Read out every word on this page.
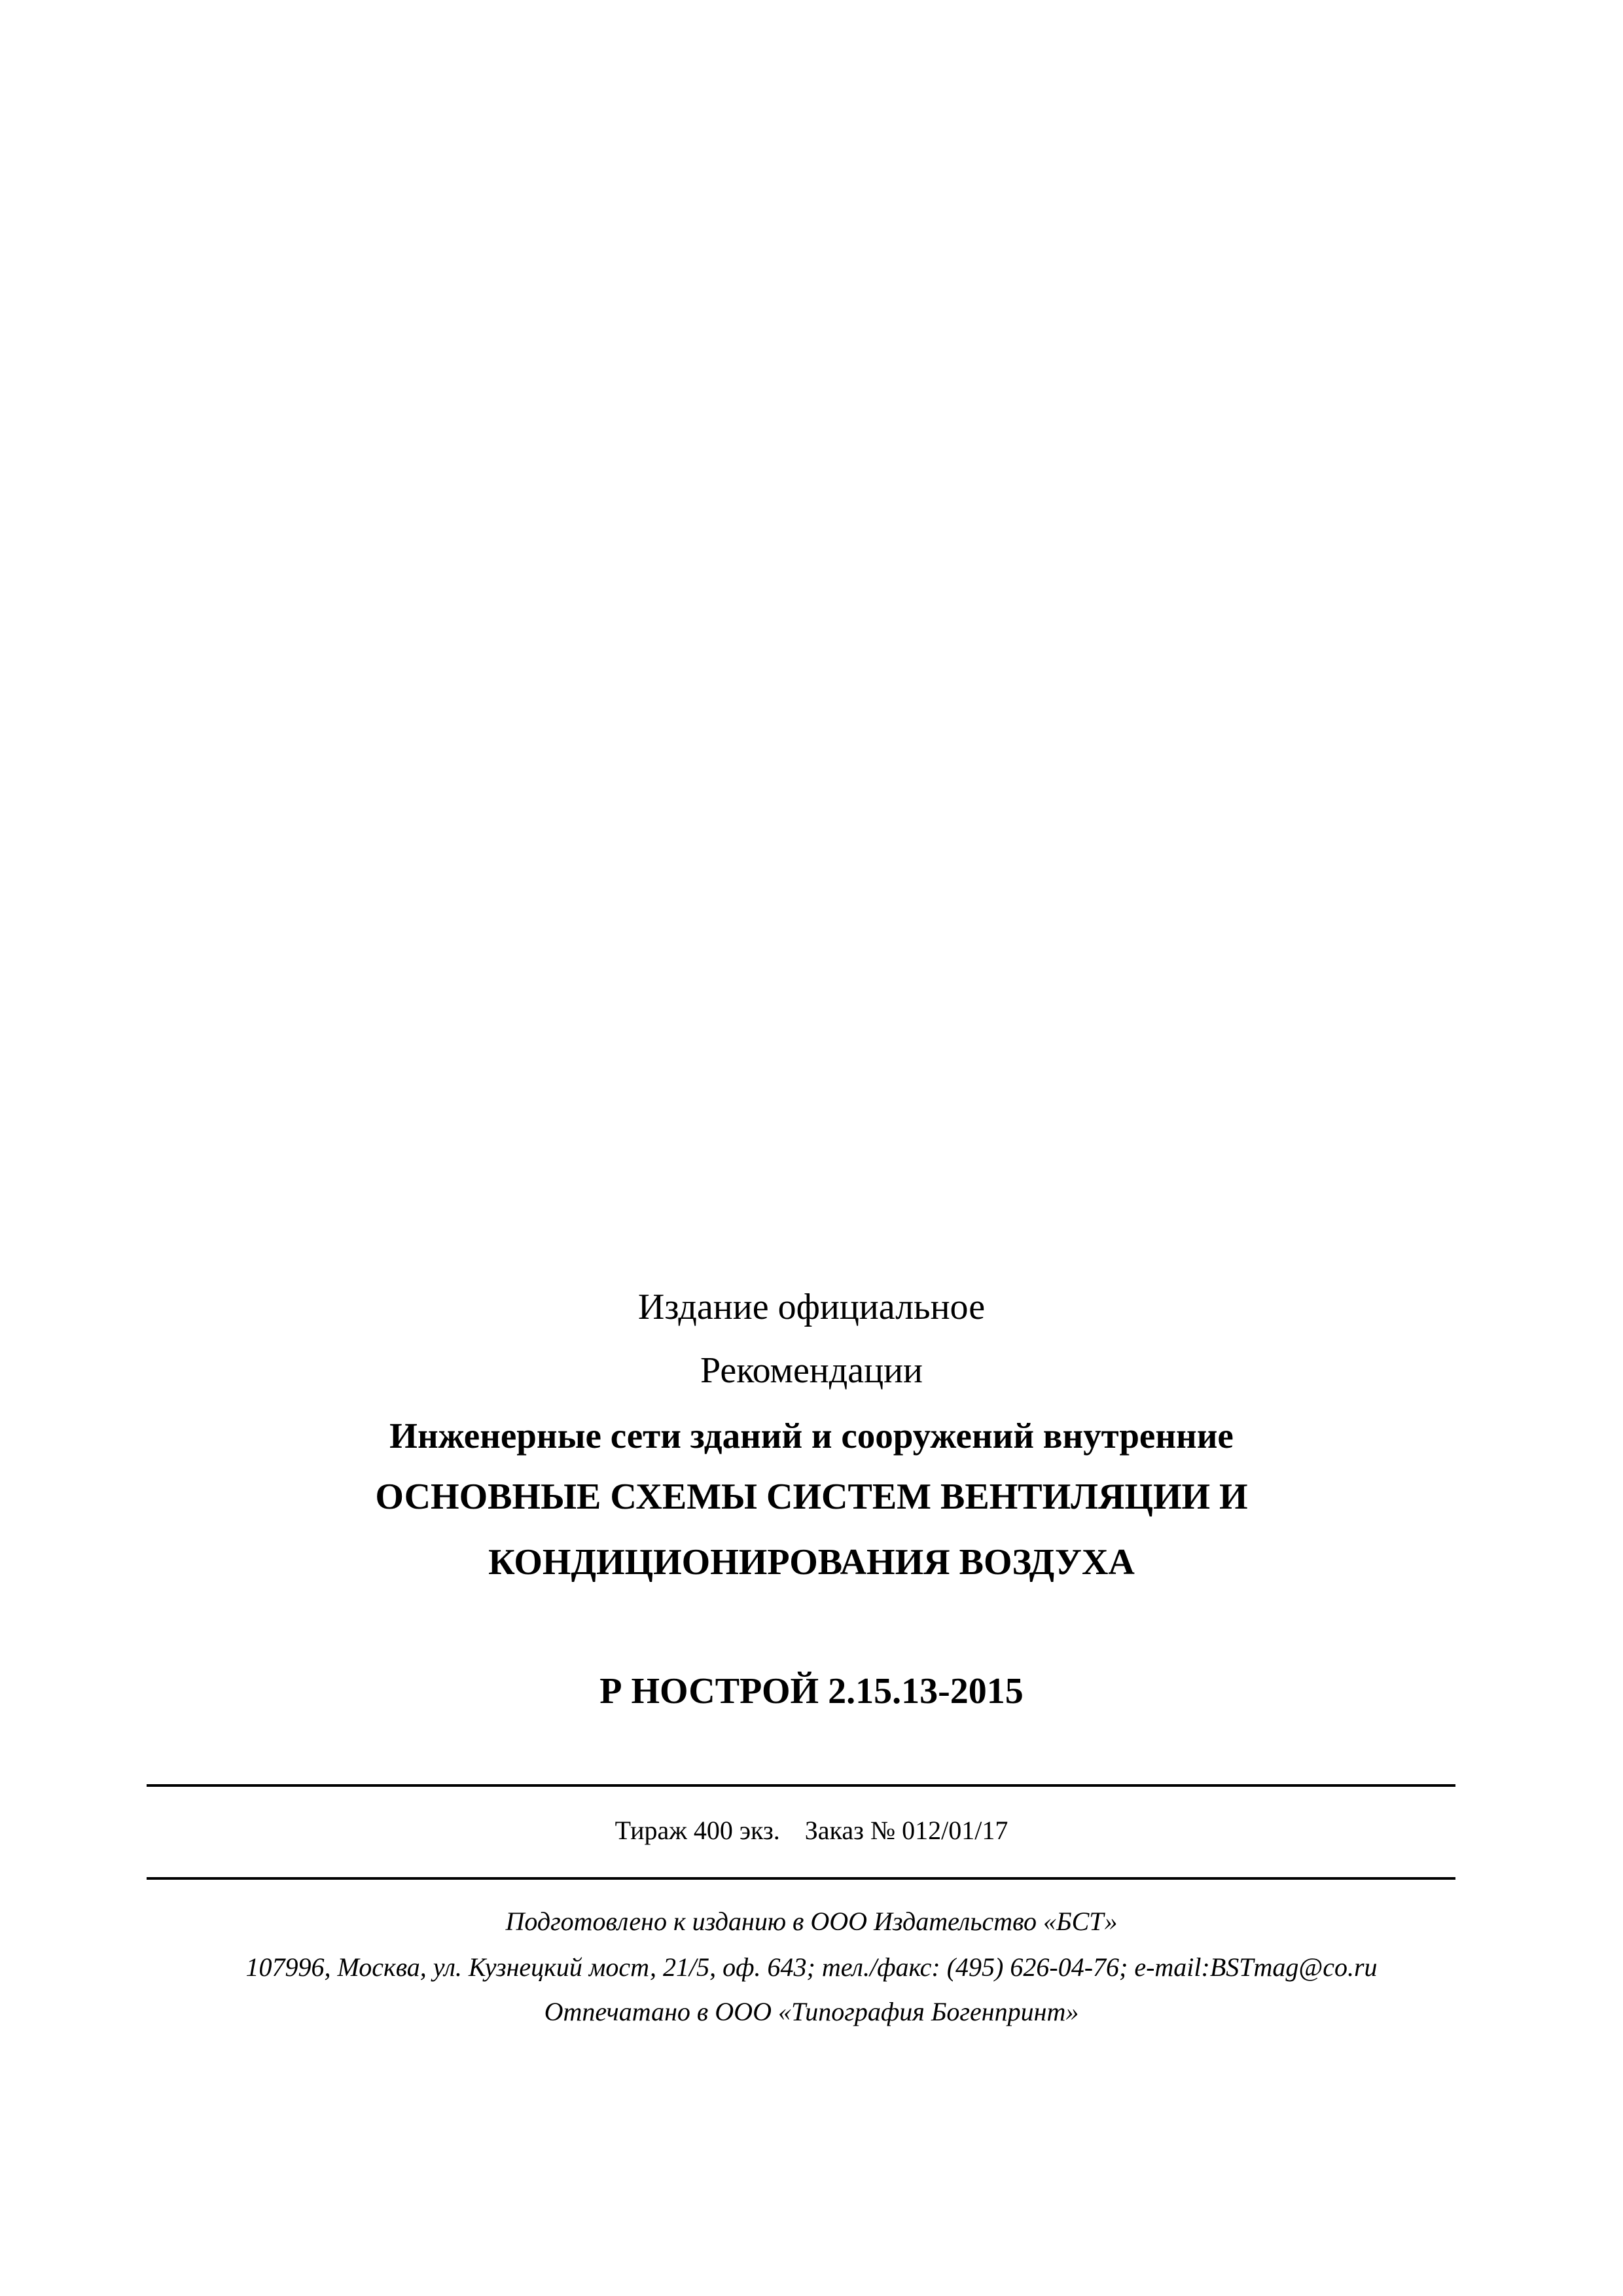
Издание официальное
Рекомендации
Инженерные сети зданий и сооружений внутренние
ОСНОВНЫЕ СХЕМЫ СИСТЕМ ВЕНТИЛЯЦИИ И
КОНДИЦИОНИРОВАНИЯ ВОЗДУХА
Р НОСТРОЙ 2.15.13-2015
Тираж 400 экз. Заказ № 012/01/17
Подготовлено к изданию в ООО Издательство «БСТ»
107996, Москва, ул. Кузнецкий мост, 21/5, оф. 643; тел./факс: (495) 626-04-76; e-mail:BSTmag@co.ru
Отпечатано в ООО «Типография Богенпринт»
